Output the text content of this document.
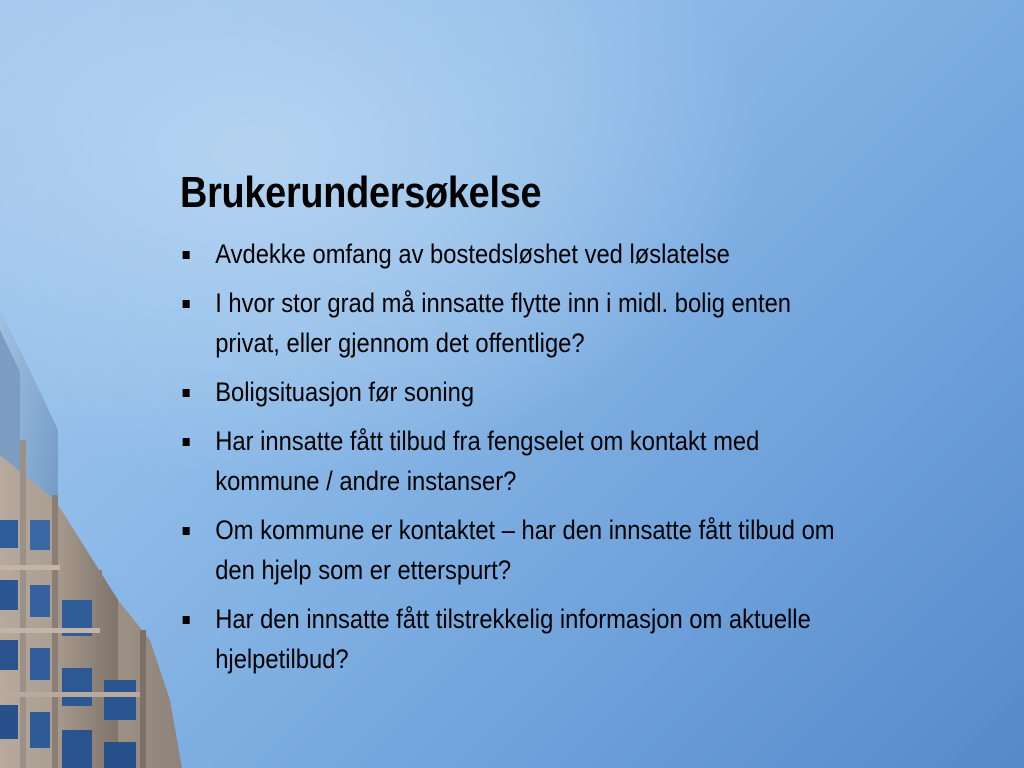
Brukerundersøkelse
Avdekke omfang av bostedsløshet ved løslatelse
I hvor stor grad må innsatte flytte inn i midl. bolig enten
privat, eller gjennom det offentlige?
Boligsituasjon før soning
Har innsatte fått tilbud fra fengselet om kontakt med
kommune / andre instanser?
Om kommune er kontaktet – har den innsatte fått tilbud om
den hjelp som er etterspurt?
Har den innsatte fått tilstrekkelig informasjon om aktuelle
hjelpetilbud?
